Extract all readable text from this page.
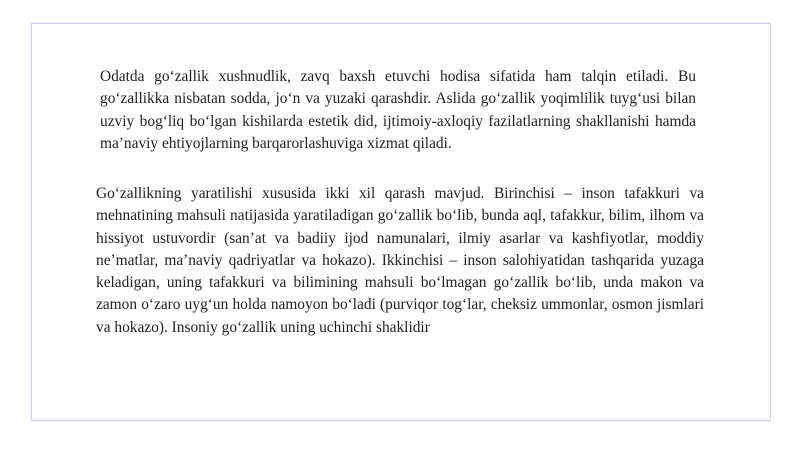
Odatda go‘zallik xushnudlik, zavq baxsh etuvchi hodisa sifatida ham talqin etiladi. Bu go‘zallikka nisbatan sodda, jo‘n va yuzaki qarashdir. Aslida go‘zallik yoqimlilik tuyg‘usi bilan uzviy bog‘liq bo‘lgan kishilarda estetik did, ijtimoiy-axloqiy fazilatlarning shakllanishi hamda ma’naviy ehtiyojlarning barqarorlashuviga xizmat qiladi.

Go‘zallikning yaratilishi xususida ikki xil qarash mavjud. Birinchisi – inson tafakkuri va mehnatining mahsuli natijasida yaratiladigan go‘zallik bo‘lib, bunda aql, tafakkur, bilim, ilhom va hissiyot ustuvordir (san’at va badiiy ijod namunalari, ilmiy asarlar va kashfiyotlar, moddiy ne’matlar, ma’naviy qadriyatlar va hokazo). Ikkinchisi – inson salohiyatidan tashqarida yuzaga keladigan, uning tafakkuri va bilimining mahsuli bo‘lmagan go‘zallik bo‘lib, unda makon va zamon o‘zaro uyg‘un holda namoyon bo‘ladi (purviqor tog‘lar, cheksiz ummonlar, osmon jismlari va hokazo). Insoniy go‘zallik uning uchinchi shaklidir
